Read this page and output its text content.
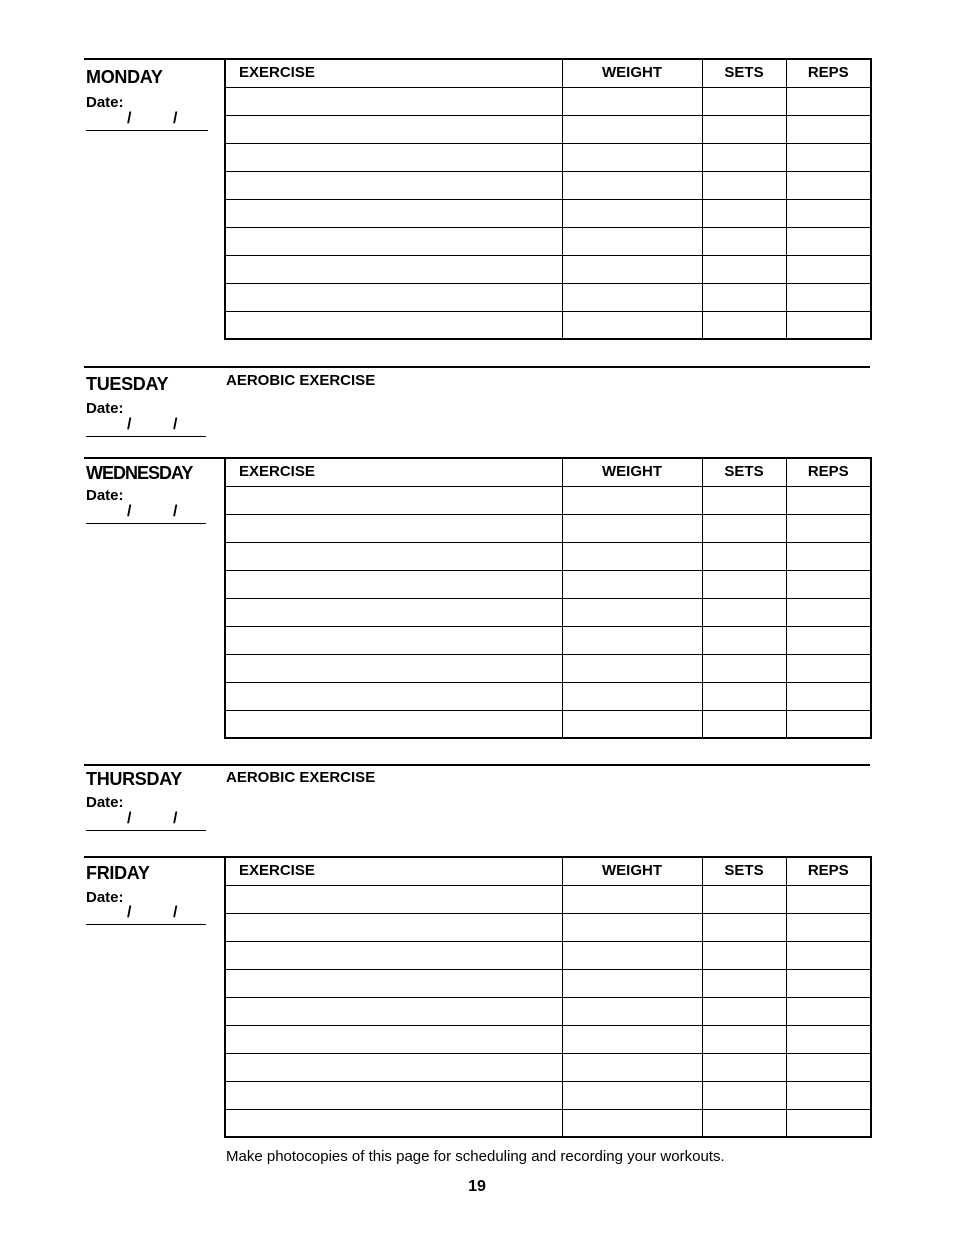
MONDAY
Date:
/	/
EXERCISE	WEIGHT	SETS	REPS

TUESDAY	AEROBIC EXERCISE
Date:
/	/
WEDNESDAY
Date:
/	/
EXERCISE	WEIGHT	SETS	REPS

THURSDAY	AEROBIC EXERCISE
Date:
/	/
FRIDAY
Date:
/	/
EXERCISE	WEIGHT	SETS	REPS

Make photocopies of this page for scheduling and recording your workouts.
19
